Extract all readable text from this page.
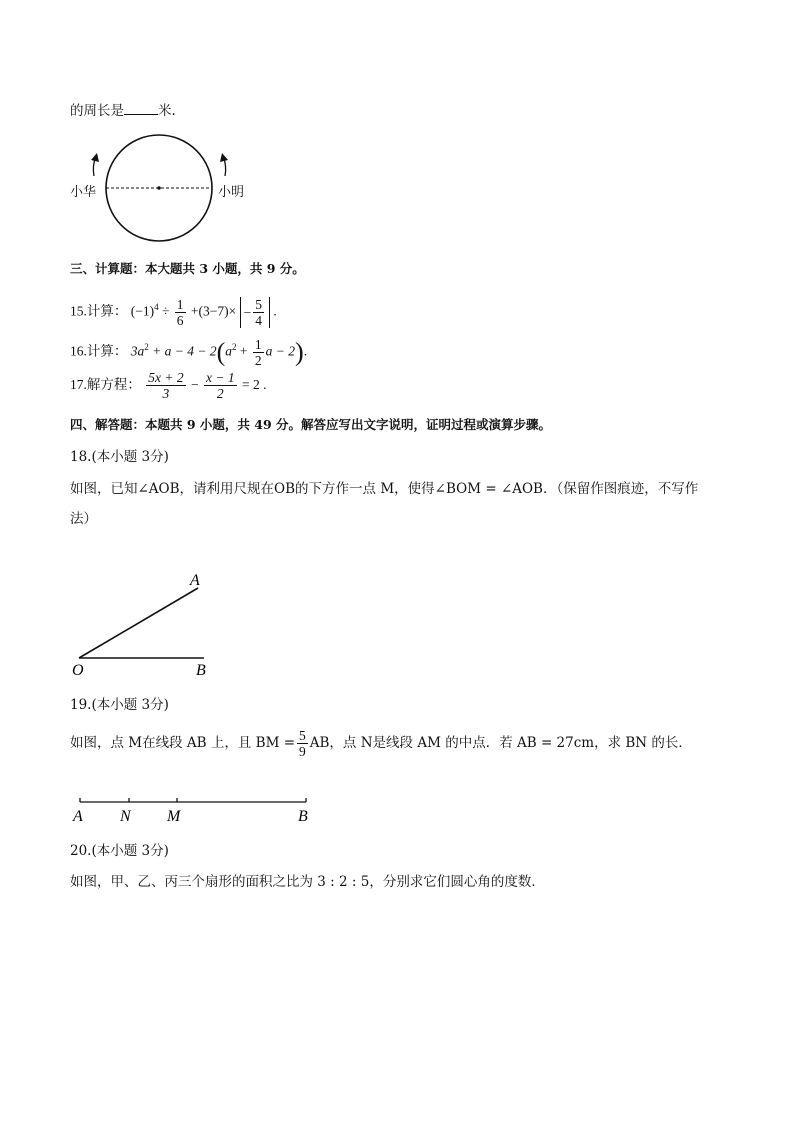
的周长是	米.
小华	小明
三、计算题：本大题共 3 小题，共 9 分。
15.计算： $(-1)^4 \div \frac{1}{6} +(3-7)\times - \frac{5}{4}$ .
16.计算： $3a^2 + a - 4 - 2(a^2 + \frac{1}{2}$ a − 2).
17.解方程： $\frac{5x + 2}{3} - \frac{x - 1}{2} = 2$ .
四、解答题：本题共 9 小题，共 49 分。解答应写出文字说明，证明过程或演算步骤。
18.(本小题 3分)
如图，已知∠AOB，请利用尺规在OB的下方作一点 M，使得∠BOM = ∠AOB．（保留作图痕迹，不写作
法）
A
O	B
19.(本小题 3分)
如图，点 M在线段 AB 上，且 BM = $\frac{5}{9}$ AB，点 N是线段 AM 的中点．若 AB = 27cm，求 BN 的长．
A N M	B
20.(本小题 3分)
如图，甲、乙、丙三个扇形的面积之比为 3 : 2 : 5，分别求它们圆心角的度数．
